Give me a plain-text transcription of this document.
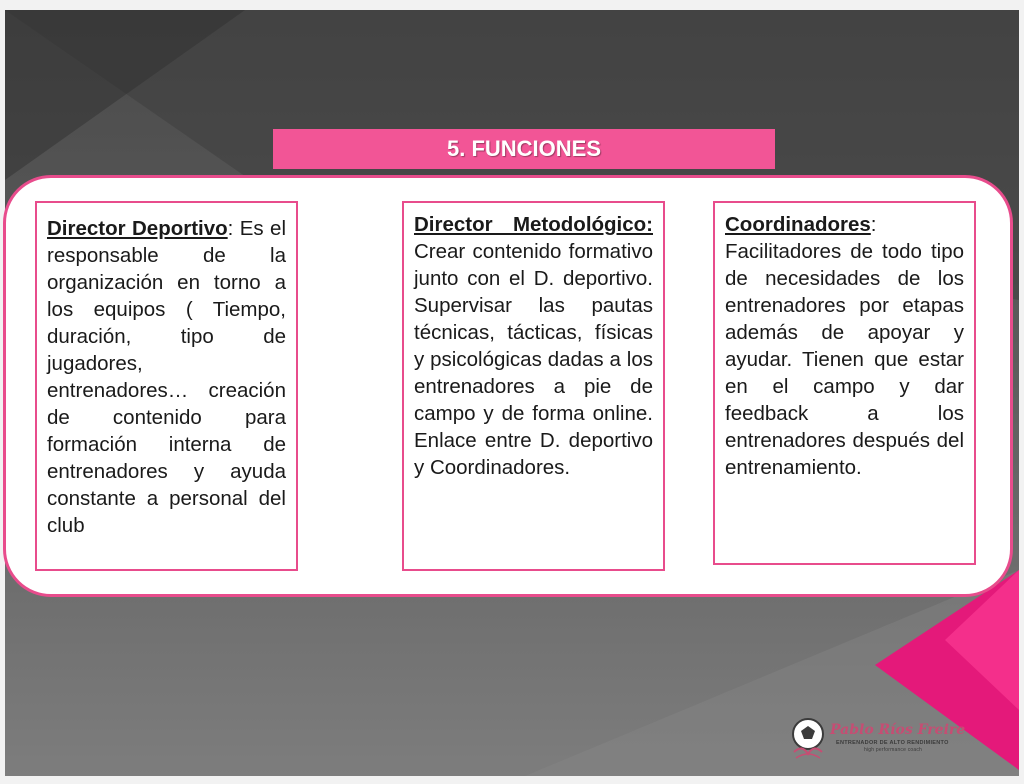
5. FUNCIONES
Director Deportivo: Es el responsable de la organización en torno a los equipos ( Tiempo, duración, tipo de jugadores, entrenadores… creación de contenido para formación interna de entrenadores y ayuda constante a personal del club
Director Metodológico: Crear contenido formativo junto con el D. deportivo. Supervisar las pautas técnicas, tácticas, físicas y psicológicas dadas a los entrenadores a pie de campo y de forma online. Enlace entre D. deportivo y Coordinadores.
Coordinadores: Facilitadores de todo tipo de necesidades de los entrenadores por etapas además de apoyar y ayudar. Tienen que estar en el campo y dar feedback a los entrenadores después del entrenamiento.
Pablo Ríos Freire
ENTRENADOR DE ALTO RENDIMIENTO
high performance coach
